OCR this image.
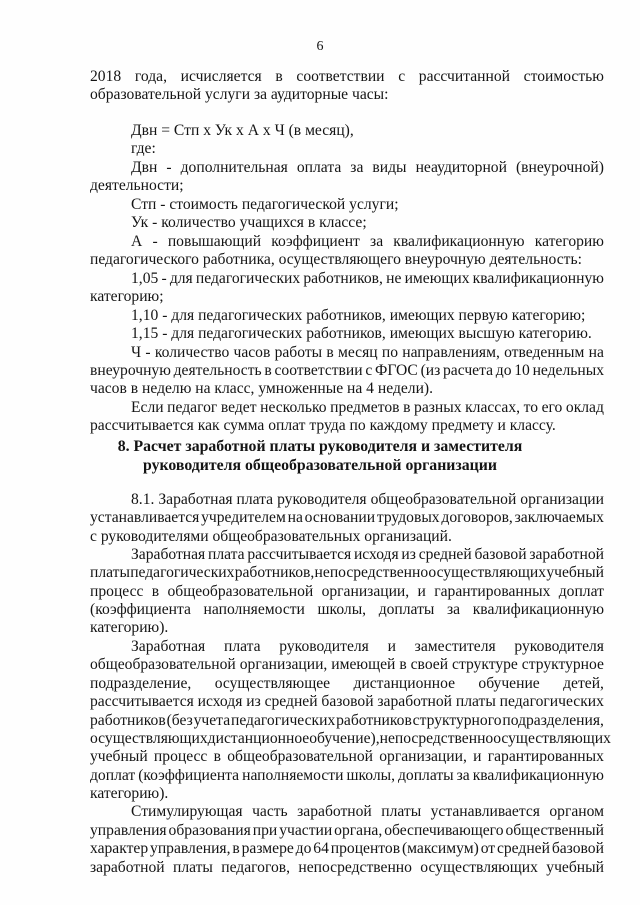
6
2018 года, исчисляется в соответствии с рассчитанной стоимостью
образовательной услуги за аудиторные часы:
Двн = Стп х Ук х А х Ч (в месяц),
где:
Двн - дополнительная оплата за виды неаудиторной (внеурочной)
деятельности;
Стп - стоимость педагогической услуги;
Ук - количество учащихся в классе;
А - повышающий коэффициент за квалификационную категорию
педагогического работника, осуществляющего внеурочную деятельность:
1,05 - для педагогических работников, не имеющих квалификационную
категорию;
1,10 - для педагогических работников, имеющих первую категорию;
1,15 - для педагогических работников, имеющих высшую категорию.
Ч - количество часов работы в месяц по направлениям, отведенным на
внеурочную деятельность в соответствии с ФГОС (из расчета до 10 недельных
часов в неделю на класс, умноженные на 4 недели).
Если педагог ведет несколько предметов в разных классах, то его оклад
рассчитывается как сумма оплат труда по каждому предмету и классу.
8.1. Заработная плата руководителя общеобразовательной организации
устанавливается учредителем на основании трудовых договоров, заключаемых
с руководителями общеобразовательных организаций.
Заработная плата рассчитывается исходя из средней базовой заработной
платы педагогических работников, непосредственно осуществляющих учебный
процесс в общеобразовательной организации, и гарантированных доплат
(коэффициента наполняемости школы, доплаты за квалификационную
категорию).
Заработная плата руководителя и заместителя руководителя
общеобразовательной организации, имеющей в своей структуре структурное
подразделение, осуществляющее дистанционное обучение детей,
рассчитывается исходя из средней базовой заработной платы педагогических
работников (без учета педагогических работников структурного подразделения,
осуществляющих дистанционное обучение), непосредственно осуществляющих
учебный процесс в общеобразовательной организации, и гарантированных
доплат (коэффициента наполняемости школы, доплаты за квалификационную
категорию).
Стимулирующая часть заработной платы устанавливается органом
управления образования при участии органа, обеспечивающего общественный
характер управления, в размере до 64 процентов (максимум) от средней базовой
заработной платы педагогов, непосредственно осуществляющих учебный
8. Расчет заработной платы руководителя и заместителя
руководителя общеобразовательной организации
